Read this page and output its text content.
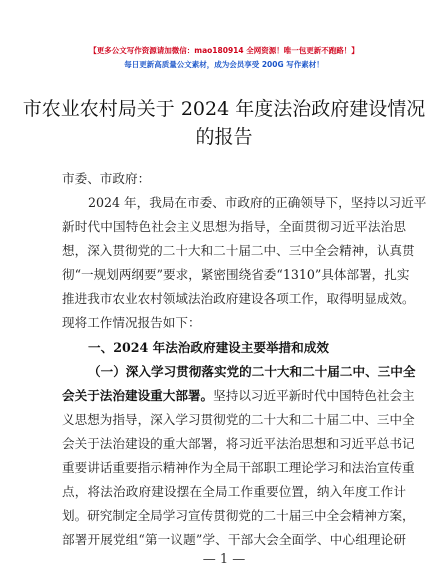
【更多公文写作资源请加微信：mao180914 全网资源！唯一包更新不跑路！】
每日更新高质量公文素材，成为会员享受 200G 写作素材！
市农业农村局关于 2024 年度法治政府建设情况
的报告
市委、市政府：
2024 年，我局在市委、市政府的正确领导下，坚持以习近平
新时代中国特色社会主义思想为指导，全面贯彻习近平法治思
想，深入贯彻党的二十大和二十届二中、三中全会精神，认真贯
彻“一规划两纲要”要求，紧密围绕省委“1310”具体部署，扎实
推进我市农业农村领域法治政府建设各项工作，取得明显成效。
现将工作情况报告如下：
一、2024 年法治政府建设主要举措和成效
（一）深入学习贯彻落实党的二十大和二十届二中、三中全
会关于法治建设重大部署。坚持以习近平新时代中国特色社会主
义思想为指导，深入学习贯彻党的二十大和二十届二中、三中全
会关于法治建设的重大部署，将习近平法治思想和习近平总书记
重要讲话重要指示精神作为全局干部职工理论学习和法治宣传重
点，将法治政府建设摆在全局工作重要位置，纳入年度工作计
划。研究制定全局学习宣传贯彻党的二十届三中全会精神方案，
部署开展党组“第一议题”学、干部大会全面学、中心组理论研
— 1 —
